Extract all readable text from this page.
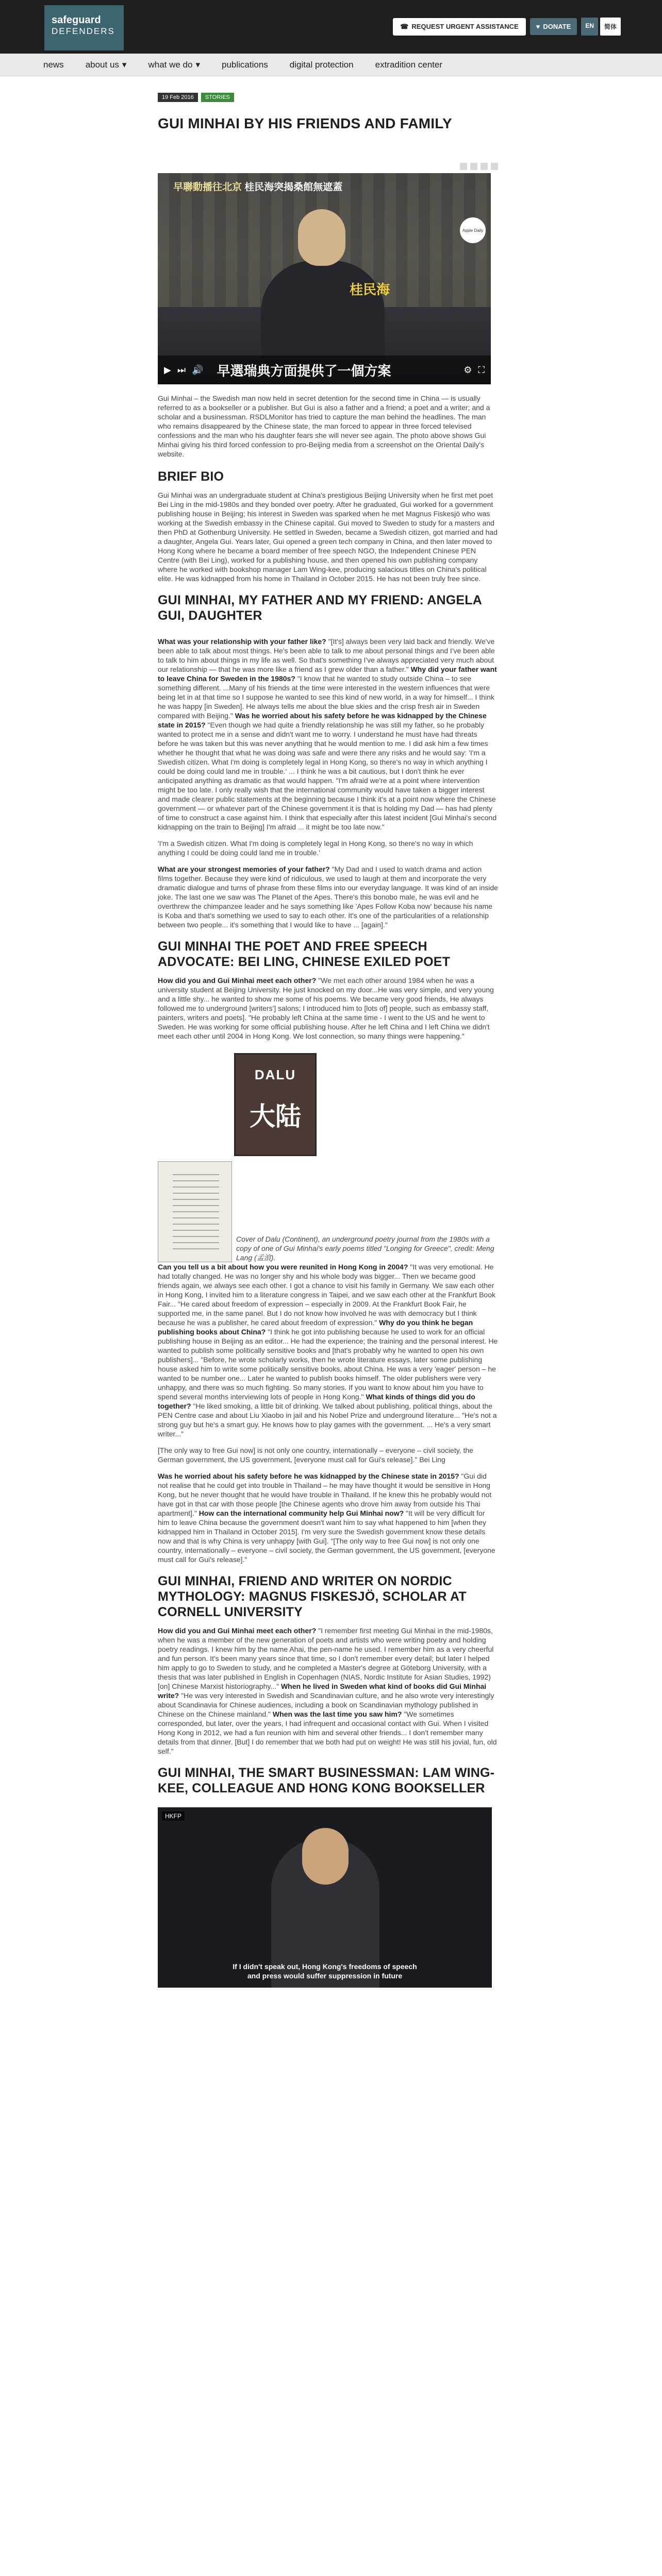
safeguard
DEFENDERS	☎ REQUEST URGENT ASSISTANCE	♥ DONATE	EN	简体
news about us ▾ what we do ▾ publications digital protection extradition center
19 Feb 2016	STORIES
GUI MINHAI BY HIS FRIENDS AND FAMILY
早聯動播往北京 桂民海突揭桑館無遮蓋
桂民海
Apple Daily
▶ ⏭ 🔊 早選瑞典方面提供了一個方案	⚙ ⛶

Gui Minhai – the Swedish man now held in secret detention for the second time in China — is usually referred to as a bookseller or a publisher. But Gui is also a father and a friend; a poet and a writer; and a scholar and a businessman. RSDLMonitor has tried to capture the man behind the headlines. The man who remains disappeared by the Chinese state, the man forced to appear in three forced televised confessions and the man who his daughter fears she will never see again. The photo above shows Gui Minhai giving his third forced confession to pro-Beijing media from a screenshot on the Oriental Daily's website.

BRIEF BIO

Gui Minhai was an undergraduate student at China's prestigious Beijing University when he first met poet Bei Ling in the mid-1980s and they bonded over poetry. After he graduated, Gui worked for a government publishing house in Beijing; his interest in Sweden was sparked when he met Magnus Fiskesjö who was working at the Swedish embassy in the Chinese capital. Gui moved to Sweden to study for a masters and then PhD at Gothenburg University. He settled in Sweden, became a Swedish citizen, got married and had a daughter, Angela Gui. Years later, Gui opened a green tech company in China, and then later moved to Hong Kong where he became a board member of free speech NGO, the Independent Chinese PEN Centre (with Bei Ling), worked for a publishing house, and then opened his own publishing company where he worked with bookshop manager Lam Wing-kee, producing salacious titles on China's political elite. He was kidnapped from his home in Thailand in October 2015. He has not been truly free since.

GUI MINHAI, MY FATHER AND MY FRIEND: ANGELA GUI, DAUGHTER

What was your relationship with your father like? "[It's] always been very laid back and friendly. We've been able to talk about most things. He's been able to talk to me about personal things and I've been able to talk to him about things in my life as well. So that's something I've always appreciated very much about our relationship — that he was more like a friend as I grew older than a father." Why did your father want to leave China for Sweden in the 1980s? "I know that he wanted to study outside China – to see something different. ...Many of his friends at the time were interested in the western influences that were being let in at that time so I suppose he wanted to see this kind of new world, in a way for himself... I think he was happy [in Sweden]. He always tells me about the blue skies and the crisp fresh air in Sweden compared with Beijing." Was he worried about his safety before he was kidnapped by the Chinese state in 2015? "Even though we had quite a friendly relationship he was still my father, so he probably wanted to protect me in a sense and didn't want me to worry. I understand he must have had threats before he was taken but this was never anything that he would mention to me. I did ask him a few times whether he thought that what he was doing was safe and were there any risks and he would say: 'I'm a Swedish citizen. What I'm doing is completely legal in Hong Kong, so there's no way in which anything I could be doing could land me in trouble.' ... I think he was a bit cautious, but I don't think he ever anticipated anything as dramatic as that would happen. "I'm afraid we're at a point where intervention might be too late. I only really wish that the international community would have taken a bigger interest and made clearer public statements at the beginning because I think it's at a point now where the Chinese government — or whatever part of the Chinese government it is that is holding my Dad — has had plenty of time to construct a case against him. I think that especially after this latest incident [Gui Minhai's second kidnapping on the train to Beijing] I'm afraid ... it might be too late now."

'I'm a Swedish citizen. What I'm doing is completely legal in Hong Kong, so there's no way in which anything I could be doing could land me in trouble.'

What are your strongest memories of your father? "My Dad and I used to watch drama and action films together. Because they were kind of ridiculous, we used to laugh at them and incorporate the very dramatic dialogue and turns of phrase from these films into our everyday language. It was kind of an inside joke. The last one we saw was The Planet of the Apes. There's this bonobo male, he was evil and he overthrew the chimpanzee leader and he says something like 'Apes Follow Koba now' because his name is Koba and that's something we used to say to each other. It's one of the particularities of a relationship between two people... it's something that I would like to have ... [again]."

GUI MINHAI THE POET AND FREE SPEECH ADVOCATE: BEI LING, CHINESE EXILED POET

How did you and Gui Minhai meet each other? "We met each other around 1984 when he was a university student at Beijing University. He just knocked on my door...He was very simple, and very young and a little shy... he wanted to show me some of his poems. We became very good friends, He always followed me to underground [writers'] salons; I introduced him to [lots of] people, such as embassy staff, painters, writers and poets]. "He probably left China at the same time - I went to the US and he went to Sweden. He was working for some official publishing house. After he left China and I left China we didn't meet each other until 2004 in Hong Kong. We lost connection, so many things were happening."

DALU
大陆

Cover of Dalu (Continent), an underground poetry journal from the 1980s with a copy of one of Gui Minhai's early poems titled "Longing for Greece", credit: Meng Lang (孟浪).

Can you tell us a bit about how you were reunited in Hong Kong in 2004? "It was very emotional. He had totally changed. He was no longer shy and his whole body was bigger... Then we became good friends again, we always see each other. I got a chance to visit his family in Germany. We saw each other in Hong Kong, I invited him to a literature congress in Taipei, and we saw each other at the Frankfurt Book Fair... "He cared about freedom of expression – especially in 2009. At the Frankfurt Book Fair, he supported me, in the same panel. But I do not know how involved he was with democracy but I think because he was a publisher, he cared about freedom of expression." Why do you think he began publishing books about China? "I think he got into publishing because he used to work for an official publishing house in Beijing as an editor... He had the experience; the training and the personal interest. He wanted to publish some politically sensitive books and [that's probably why he wanted to open his own publishers]... "Before, he wrote scholarly works, then he wrote literature essays, later some publishing house asked him to write some politically sensitive books, about China. He was a very 'eager' person – he wanted to be number one... Later he wanted to publish books himself. The older publishers were very unhappy, and there was so much fighting. So many stories. If you want to know about him you have to spend several months interviewing lots of people in Hong Kong." What kinds of things did you do together? "He liked smoking, a little bit of drinking. We talked about publishing, political things, about the PEN Centre case and about Liu Xiaobo in jail and his Nobel Prize and underground literature... "He's not a strong guy but he's a smart guy. He knows how to play games with the government. ... He's a very smart writer..."

[The only way to free Gui now] is not only one country, internationally – everyone – civil society, the German government, the US government, [everyone must call for Gui's release]." Bei Ling

Was he worried about his safety before he was kidnapped by the Chinese state in 2015? "Gui did not realise that he could get into trouble in Thailand – he may have thought it would be sensitive in Hong Kong, but he never thought that he would have trouble in Thailand. If he knew this he probably would not have got in that car with those people [the Chinese agents who drove him away from outside his Thai apartment]." How can the international community help Gui Minhai now? "It will be very difficult for him to leave China because the government doesn't want him to say what happened to him [when they kidnapped him in Thailand in October 2015]. I'm very sure the Swedish government know these details now and that is why China is very unhappy [with Gui]. "[The only way to free Gui now] is not only one country, internationally – everyone – civil society, the German government, the US government, [everyone must call for Gui's release]."

GUI MINHAI, FRIEND AND WRITER ON NORDIC MYTHOLOGY: MAGNUS FISKESJÖ, SCHOLAR AT CORNELL UNIVERSITY

How did you and Gui Minhai meet each other? "I remember first meeting Gui Minhai in the mid-1980s, when he was a member of the new generation of poets and artists who were writing poetry and holding poetry readings. I knew him by the name Ahai, the pen-name he used. I remember him as a very cheerful and fun person. It's been many years since that time, so I don't remember every detail; but later I helped him apply to go to Sweden to study, and he completed a Master's degree at Göteborg University, with a thesis that was later published in English in Copenhagen (NIAS, Nordic Institute for Asian Studies, 1992) [on] Chinese Marxist historiography..." When he lived in Sweden what kind of books did Gui Minhai write? "He was very interested in Swedish and Scandinavian culture, and he also wrote very interestingly about Scandinavia for Chinese audiences, including a book on Scandinavian mythology published in Chinese on the Chinese mainland." When was the last time you saw him? "We sometimes corresponded, but later, over the years, I had infrequent and occasional contact with Gui. When I visited Hong Kong in 2012, we had a fun reunion with him and several other friends... I don't remember many details from that dinner. [But] I do remember that we both had put on weight! He was still his jovial, fun, old self."

GUI MINHAI, THE SMART BUSINESSMAN: LAM WING-KEE, COLLEAGUE AND HONG KONG BOOKSELLER
HKFP
If I didn't speak out, Hong Kong's freedoms of speech
and press would suffer suppression in future
